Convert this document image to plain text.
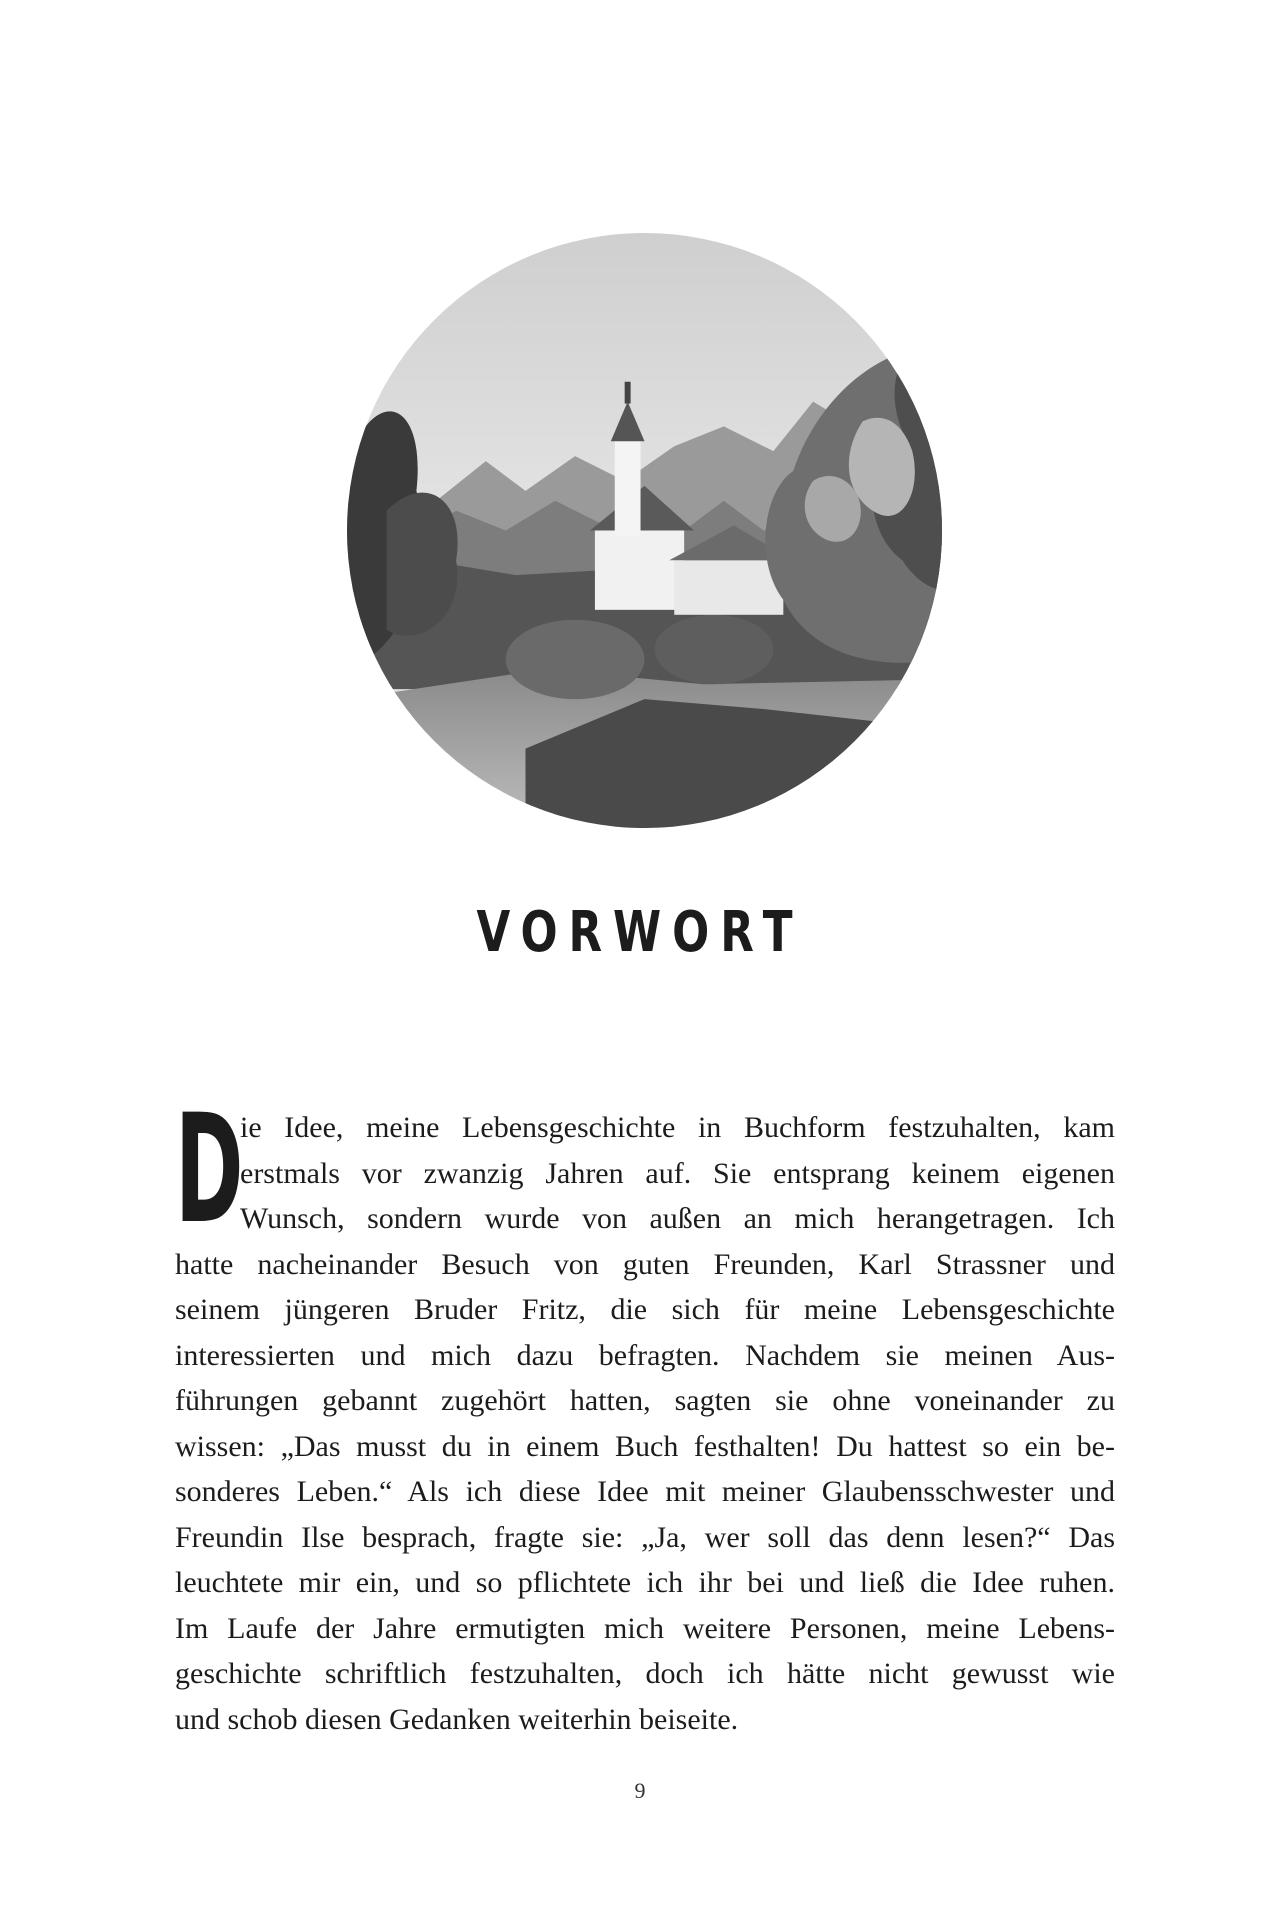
VORWORT
D
ie Idee, meine Lebensgeschichte in Buchform festzuhalten, kam
erstmals vor zwanzig Jahren auf. Sie entsprang keinem eigenen
Wunsch, sondern wurde von außen an mich herangetragen. Ich
hatte nacheinander Besuch von guten Freunden, Karl Strassner und
seinem jüngeren Bruder Fritz, die sich für meine Lebensgeschichte
interessierten und mich dazu befragten. Nachdem sie meinen Aus-
führungen gebannt zugehört hatten, sagten sie ohne voneinander zu
wissen: „Das musst du in einem Buch festhalten! Du hattest so ein be-
sonderes Leben.“ Als ich diese Idee mit meiner Glaubensschwester und
Freundin Ilse besprach, fragte sie: „Ja, wer soll das denn lesen?“ Das
leuchtete mir ein, und so pflichtete ich ihr bei und ließ die Idee ruhen.
Im Laufe der Jahre ermutigten mich weitere Personen, meine Lebens-
geschichte schriftlich festzuhalten, doch ich hätte nicht gewusst wie
und schob diesen Gedanken weiterhin beiseite.
9
